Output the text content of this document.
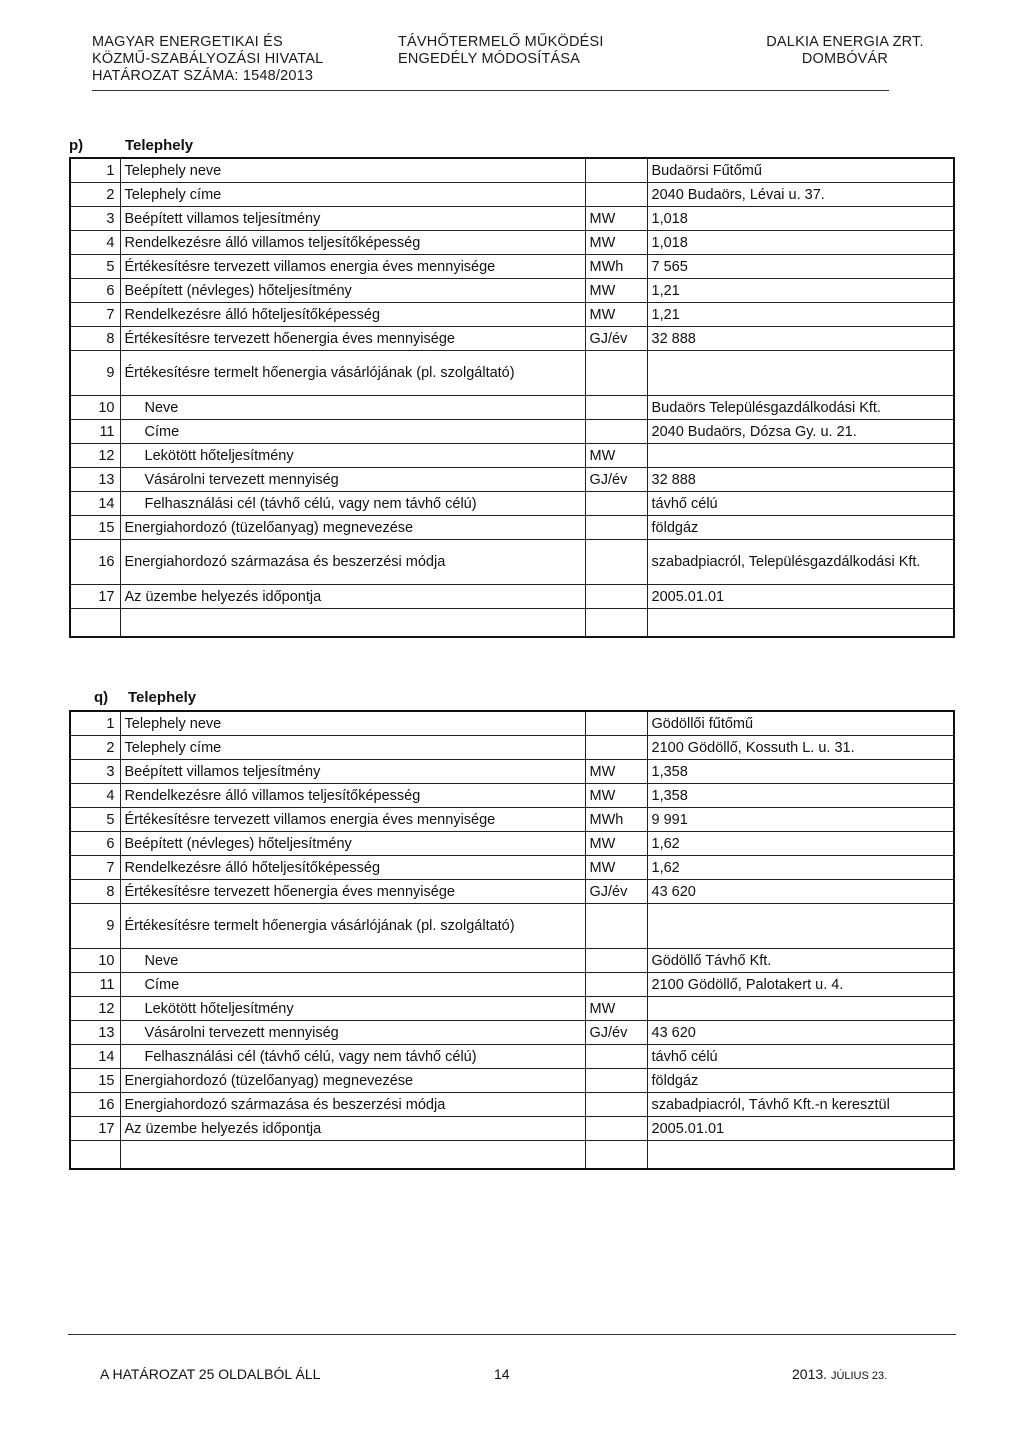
MAGYAR ENERGETIKAI ÉS
KÖZMŰ-SZABÁLYOZÁSI HIVATAL
HATÁROZAT SZÁMA: 1548/2013
TÁVHŐTERMELŐ MŰKÖDÉSI
ENGEDÉLY MÓDOSÍTÁSA
DALKIA ENERGIA ZRT.
DOMBÓVÁR
p)	Telephely
1	Telephely neve		Budaörsi Fűtőmű
2	Telephely címe		2040 Budaörs, Lévai u. 37.
3	Beépített villamos teljesítmény	MW	1,018
4	Rendelkezésre álló villamos teljesítőképesség	MW	1,018
5	Értékesítésre tervezett villamos energia éves mennyisége	MWh	7 565
6	Beépített (névleges) hőteljesítmény	MW	1,21
7	Rendelkezésre álló hőteljesítőképesség	MW	1,21
8	Értékesítésre tervezett hőenergia éves mennyisége	GJ/év	32 888
9	Értékesítésre termelt hőenergia vásárlójának (pl. szolgáltató)		
10	Neve		Budaörs Településgazdálkodási Kft.
11	Címe		2040 Budaörs, Dózsa Gy. u. 21.
12	Lekötött hőteljesítmény	MW	
13	Vásárolni tervezett mennyiség	GJ/év	32 888
14	Felhasználási cél (távhő célú, vagy nem távhő célú)		távhő célú
15	Energiahordozó (tüzelőanyag) megnevezése		földgáz
16	Energiahordozó származása és beszerzési módja		szabadpiacról, Településgazdálkodási Kft.
17	Az üzembe helyezés időpontja		2005.01.01

q) Telephely
1	Telephely neve		Gödöllői fűtőmű
2	Telephely címe		2100 Gödöllő, Kossuth L. u. 31.
3	Beépített villamos teljesítmény	MW	1,358
4	Rendelkezésre álló villamos teljesítőképesség	MW	1,358
5	Értékesítésre tervezett villamos energia éves mennyisége	MWh	9 991
6	Beépített (névleges) hőteljesítmény	MW	1,62
7	Rendelkezésre álló hőteljesítőképesség	MW	1,62
8	Értékesítésre tervezett hőenergia éves mennyisége	GJ/év	43 620
9	Értékesítésre termelt hőenergia vásárlójának (pl. szolgáltató)		
10	Neve		Gödöllő Távhő Kft.
11	Címe		2100 Gödöllő, Palotakert u. 4.
12	Lekötött hőteljesítmény	MW	
13	Vásárolni tervezett mennyiség	GJ/év	43 620
14	Felhasználási cél (távhő célú, vagy nem távhő célú)		távhő célú
15	Energiahordozó (tüzelőanyag) megnevezése		földgáz
16	Energiahordozó származása és beszerzési módja		szabadpiacról, Távhő Kft.-n keresztül
17	Az üzembe helyezés időpontja		2005.01.01

A HATÁROZAT 25 OLDALBÓL ÁLL	14	2013. JÚLIUS 23.
